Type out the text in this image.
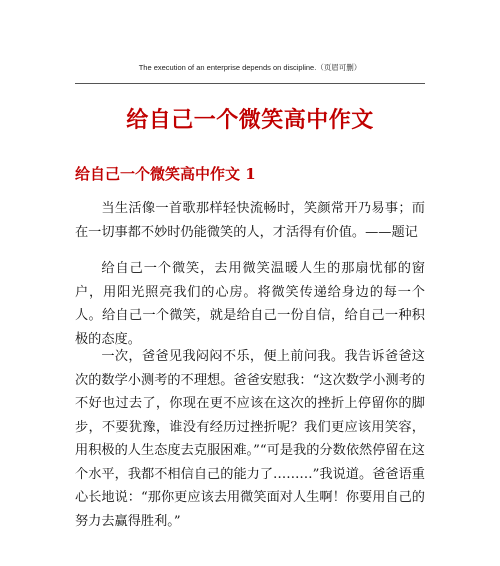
The execution of an enterprise depends on discipline.（页眉可删）
给自己一个微笑高中作文
给自己一个微笑高中作文 1

当生活像一首歌那样轻快流畅时，笑颜常开乃易事；而在一切事都不妙时仍能微笑的人，才活得有价值。——题记

给自己一个微笑，去用微笑温暖人生的那扇忧郁的窗户，用阳光照亮我们的心房。将微笑传递给身边的每一个人。给自己一个微笑，就是给自己一份自信，给自己一种积极的态度。

一次，爸爸见我闷闷不乐，便上前问我。我告诉爸爸这次的数学小测考的不理想。爸爸安慰我：“这次数学小测考的不好也过去了，你现在更不应该在这次的挫折上停留你的脚步，不要犹豫，谁没有经历过挫折呢？我们更应该用笑容，用积极的人生态度去克服困难。”“可是我的分数依然停留在这个水平，我都不相信自己的能力了………”我说道。爸爸语重心长地说：“那你更应该去用微笑面对人生啊！你要用自己的努力去赢得胜利。”
